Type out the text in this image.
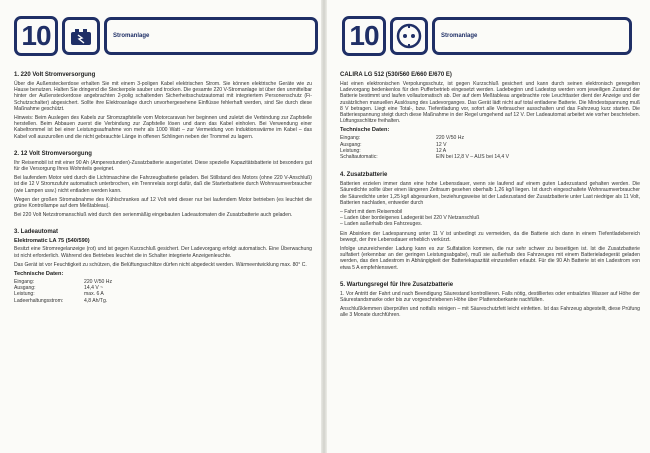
10	Stromanlage
1. 220 Volt Stromversorgung

Über die Außensteckerdose erhalten Sie mit einem 3-poligen Kabel elektrischen Strom. Sie können elektrische Geräte wie zu Hause benutzen. Halten Sie dringend die Steckerpole sauber und trocken. Die gesamte 220 V-Stromanlage ist über den unmittelbar hinter der Außensteckerdose angebrachten 2-polig schaltenden Sicherheitsschutzautomat mit integriertem Personenschutz (Fi-Schutzschalter) abgesichert. Sollte ihre Elektroanlage durch unvorhergesehene Einflüsse fehlerhaft werden, sind Sie durch diese Maßnahme geschützt.

Hinweis: Beim Auslegen des Kabels zur Stromzapfstelle vom Motorcaravan her beginnen und zuletzt die Verbindung zur Zapfstelle herstellen. Beim Abbauen zuerst die Verbindung zur Zapfstelle lösen und dann das Kabel einholen. Bei Verwendung einer Kabeltrommel ist bei einer Leistungsaufnahme von mehr als 1000 Watt – zur Vermeidung von Induktionswärme im Kabel – das Kabel voll auszurollen und die nicht gebrauchte Länge in offenen Schlingen neben der Trommel zu lagern.

2. 12 Volt Stromversorgung

Ihr Reisemobil ist mit einer 90 Ah (Amperestunden)-Zusatzbatterie ausgerüstet. Diese spezielle Kapazitätsbatterie ist besonders gut für die Versorgung Ihres Wohnteils geeignet.

Bei laufendem Motor wird durch die Lichtmaschine die Fahrzeugbatterie geladen. Bei Stillstand des Motors (ohne 220 V-Anschluß) ist die 12 V Stromzufuhr automatisch unterbrochen, ein Trennrelais sorgt dafür, daß die Starterbatterie durch Wohnraumverbraucher (wie Lampen usw.) nicht entladen werden kann.

Wegen der großen Stromabnahme des Kühlschrankes auf 12 Volt wird dieser nur bei laufendem Motor betrieben (es leuchtet die grüne Kontrollampe auf dem Meßtableau).

Bei 220 Volt Netzstromanschluß wird durch den serienmäßig eingebauten Ladeautomaten die Zusatzbatterie auch geladen.

3. Ladeautomat
Elektromatic LA 75 (540/590)

Besitzt eine Stromregelanzeige (rot) und ist gegen Kurzschluß gesichert. Der Ladevorgang erfolgt automatisch. Eine Überwachung ist nicht erforderlich. Während des Betriebes leuchtet die in Schalter integrierte Anzeigenleuchte.

Das Gerät ist vor Feuchtigkeit zu schützen, die Belüftungsschlitze dürfen nicht abgedeckt werden. Wärmeentwicklung max. 80° C.

Technische Daten:
Eingang:	220 V/50 Hz
Ausgang:	14,4 V ~
Leistung:	max. 6 A
Ladeerhaltungsstrom:	4,8 Ah/Tg.
10	Stromanlage
CALIRA LG 512 (530/560 E/660 E/670 E)

Hat einen elektronischen Verpolungsschutz, ist gegen Kurzschluß gesichert und kann durch seinen elektronisch geregelten Ladevorgang bedenkenlos für den Pufferbetrieb eingesetzt werden. Ladebeginn und Ladestop werden vom jeweiligen Zustand der Batterie bestimmt und laufen vollautomatisch ab. Der auf dem Meßtableau angebrachte rote Leuchttaster dient der Anzeige und der zusätzlichen manuellen Auslösung des Ladevorganges. Das Gerät lädt nicht auf total entladene Batterie. Die Mindestspannung muß 8 V betragen. Liegt eine Total-, bzw. Tiefentladung vor, sofort alle Verbraucher ausschalten und das Fahrzeug kurz starten. Die Batteriespannung steigt durch diese Maßnahme in der Regel umgehend auf 12 V. Der Ladeautomat arbeitet wie vorher beschrieben. Lüftungsschlitze freihalten.

Technische Daten:
Eingang:	220 V/50 Hz
Ausgang:	12 V
Leistung:	12 A
Schaltautomatic:	EIN bei 12,8 V – AUS bei 14,4 V
4. Zusatzbatterie

Batterien erzielen immer dann eine hohe Lebensdauer, wenn sie laufend auf einem guten Ladezustand gehalten werden. Die Säuredichte sollte über einen längeren Zeitraum gesehen oberhalb 1,26 kg/l liegen. Ist durch eingeschaltete Wohnraumverbraucher die Säuredichte unter 1,25 kg/l abgesunken, beziehungsweise ist der Ladezustand der Zusatzbatterie unter Last niedriger als 11 Volt, Batterien nachladen, entweder durch

– Fahrt mit dem Reisemobil
– Laden über bordeigenes Ladegerät bei 220 V Netzanschluß
– Laden außerhalb des Fahrzeuges.

Ein Absinken der Ladespannung unter 11 V ist unbedingt zu vermeiden, da die Batterie sich dann in einem Tiefentladebereich bewegt, der ihre Lebensdauer erheblich verkürzt.

Infolge unzureichender Ladung kann es zur Sulfatation kommen, die nur sehr schwer zu beseitigen ist. Ist die Zusatzbatterie sulfatiert (erkennbar an der geringen Leistungsabgabe), muß sie außerhalb des Fahrzeuges mit einem Batterieladegerät geladen werden, das den Ladestrom in Abhängigkeit der Batteriekapazität einzustellen erlaubt. Für die 90 Ah Batterie ist ein Ladestrom von etwa 5 A empfehlenswert.

5. Wartungsregel für Ihre Zusatzbatterie

1. Vor Antritt der Fahrt und nach Beendigung Säurestand kontrollieren. Falls nötig, destilliertes oder entsalztes Wasser auf Höhe der Säurestandsmarke oder bis zur vorgeschriebenen Höhe über Plattenoberkante nachfüllen.

Anschlußklemmen überprüfen und notfalls reinigen – mit Säureschutzfett leicht einfetten. Ist das Fahrzeug abgestellt, diese Prüfung alle 3 Monate durchführen.
